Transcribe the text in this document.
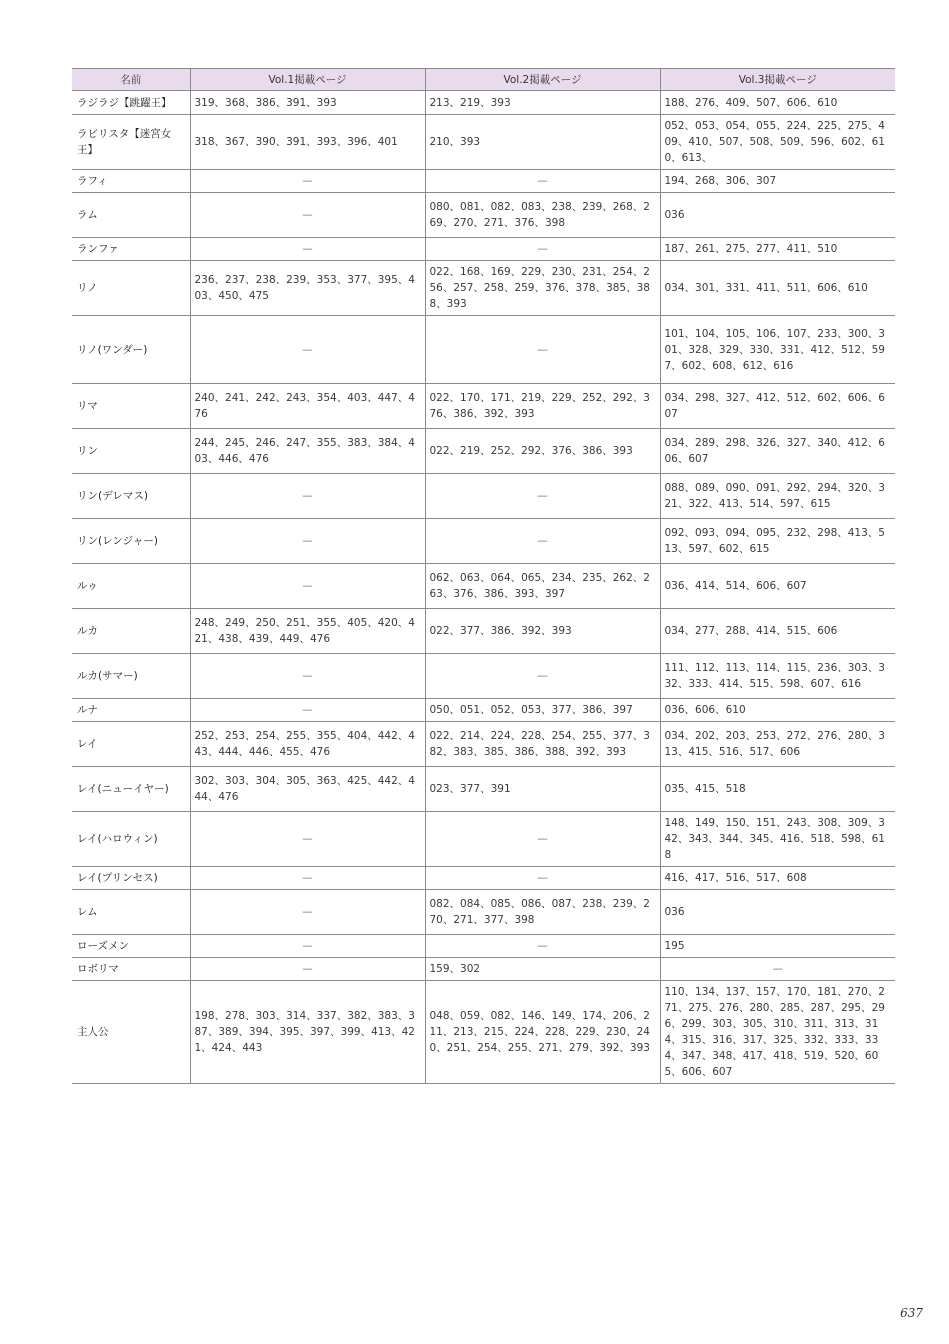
名前	Vol.1掲載ページ	Vol.2掲載ページ	Vol.3掲載ページ
ラジラジ【跳躍王】	319、368、386、391、393	213、219、393	188、276、409、507、606、610
ラビリスタ【迷宮女王】	318、367、390、391、393、396、401	210、393	052、053、054、055、224、225、275、409、410、507、508、509、596、602、610、613、
ラフィ	—	—	194、268、306、307
ラム	—	080、081、082、083、238、239、268、269、270、271、376、398	036
ランファ	—	—	187、261、275、277、411、510
リノ	236、237、238、239、353、377、395、403、450、475	022、168、169、229、230、231、254、256、257、258、259、376、378、385、388、393	034、301、331、411、511、606、610
リノ(ワンダー)	—	—	101、104、105、106、107、233、300、301、328、329、330、331、412、512、597、602、608、612、616
リマ	240、241、242、243、354、403、447、476	022、170、171、219、229、252、292、376、386、392、393	034、298、327、412、512、602、606、607
リン	244、245、246、247、355、383、384、403、446、476	022、219、252、292、376、386、393	034、289、298、326、327、340、412、606、607
リン(デレマス)	—	—	088、089、090、091、292、294、320、321、322、413、514、597、615
リン(レンジャー)	—	—	092、093、094、095、232、298、413、513、597、602、615
ルゥ	—	062、063、064、065、234、235、262、263、376、386、393、397	036、414、514、606、607
ルカ	248、249、250、251、355、405、420、421、438、439、449、476	022、377、386、392、393	034、277、288、414、515、606
ルカ(サマー)	—	—	111、112、113、114、115、236、303、332、333、414、515、598、607、616
ルナ	—	050、051、052、053、377、386、397	036、606、610
レイ	252、253、254、255、355、404、442、443、444、446、455、476	022、214、224、228、254、255、377、382、383、385、386、388、392、393	034、202、203、253、272、276、280、313、415、516、517、606
レイ(ニューイヤー)	302、303、304、305、363、425、442、444、476	023、377、391	035、415、518
レイ(ハロウィン)	—	—	148、149、150、151、243、308、309、342、343、344、345、416、518、598、618
レイ(プリンセス)	—	—	416、417、516、517、608
レム	—	082、084、085、086、087、238、239、270、271、377、398	036
ローズメン	—	—	195
ロボリマ	—	159、302	—
主人公	198、278、303、314、337、382、383、387、389、394、395、397、399、413、421、424、443	048、059、082、146、149、174、206、211、213、215、224、228、229、230、240、251、254、255、271、279、392、393	110、134、137、157、170、181、270、271、275、276、280、285、287、295、296、299、303、305、310、311、313、314、315、316、317、325、332、333、334、347、348、417、418、519、520、605、606、607
637
